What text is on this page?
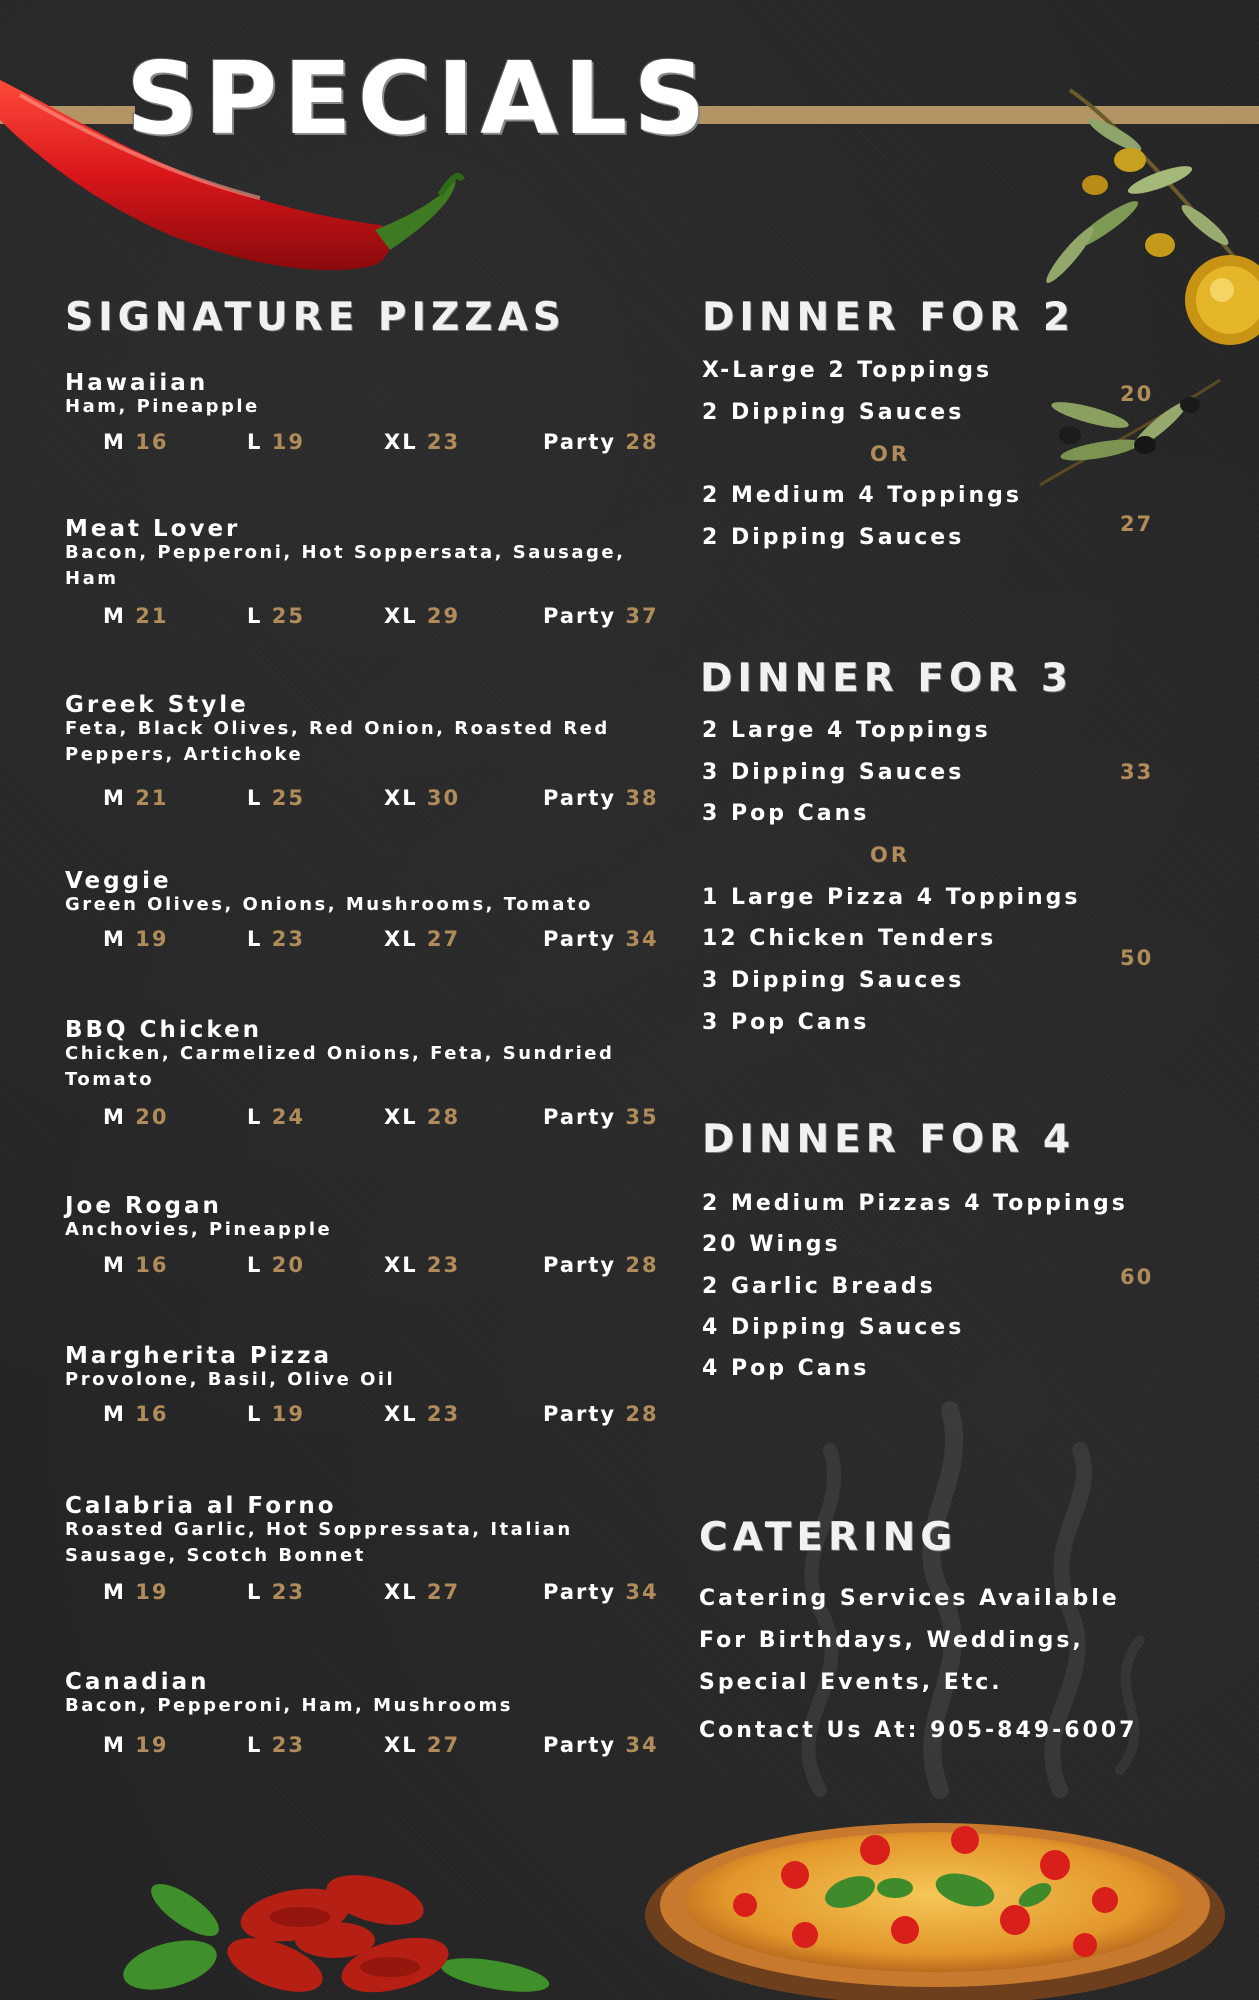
SPECIALS
SIGNATURE PIZZAS
Hawaiian
Ham, Pineapple
M 16	L 19	XL 23	Party 28
Meat Lover
Bacon, Pepperoni, Hot Soppersata, Sausage, Ham
M 21	L 25	XL 29	Party 37
Greek Style
Feta, Black Olives, Red Onion, Roasted Red Peppers, Artichoke
M 21	L 25	XL 30	Party 38
Veggie
Green Olives, Onions, Mushrooms, Tomato
M 19	L 23	XL 27	Party 34
BBQ Chicken
Chicken, Carmelized Onions, Feta, Sundried Tomato
M 20	L 24	XL 28	Party 35
Joe Rogan
Anchovies, Pineapple
M 16	L 20	XL 23	Party 28
Margherita Pizza
Provolone, Basil, Olive Oil
M 16	L 19	XL 23	Party 28
Calabria al Forno
Roasted Garlic, Hot Soppressata, Italian Sausage, Scotch Bonnet
M 19	L 23	XL 27	Party 34
Canadian
Bacon, Pepperoni, Ham, Mushrooms
M 19	L 23	XL 27	Party 34
DINNER FOR 2
X-Large 2 Toppings
2 Dipping Sauces
20
OR
2 Medium 4 Toppings
2 Dipping Sauces
27
DINNER FOR 3
2 Large 4 Toppings
3 Dipping Sauces
3 Pop Cans
33
OR
1 Large Pizza 4 Toppings
12 Chicken Tenders
3 Dipping Sauces
3 Pop Cans
50
DINNER FOR 4
2 Medium Pizzas 4 Toppings
20 Wings
2 Garlic Breads
4 Dipping Sauces
4 Pop Cans
60
CATERING
Catering Services Available
For Birthdays, Weddings,
Special Events, Etc.
Contact Us At: 905-849-6007
